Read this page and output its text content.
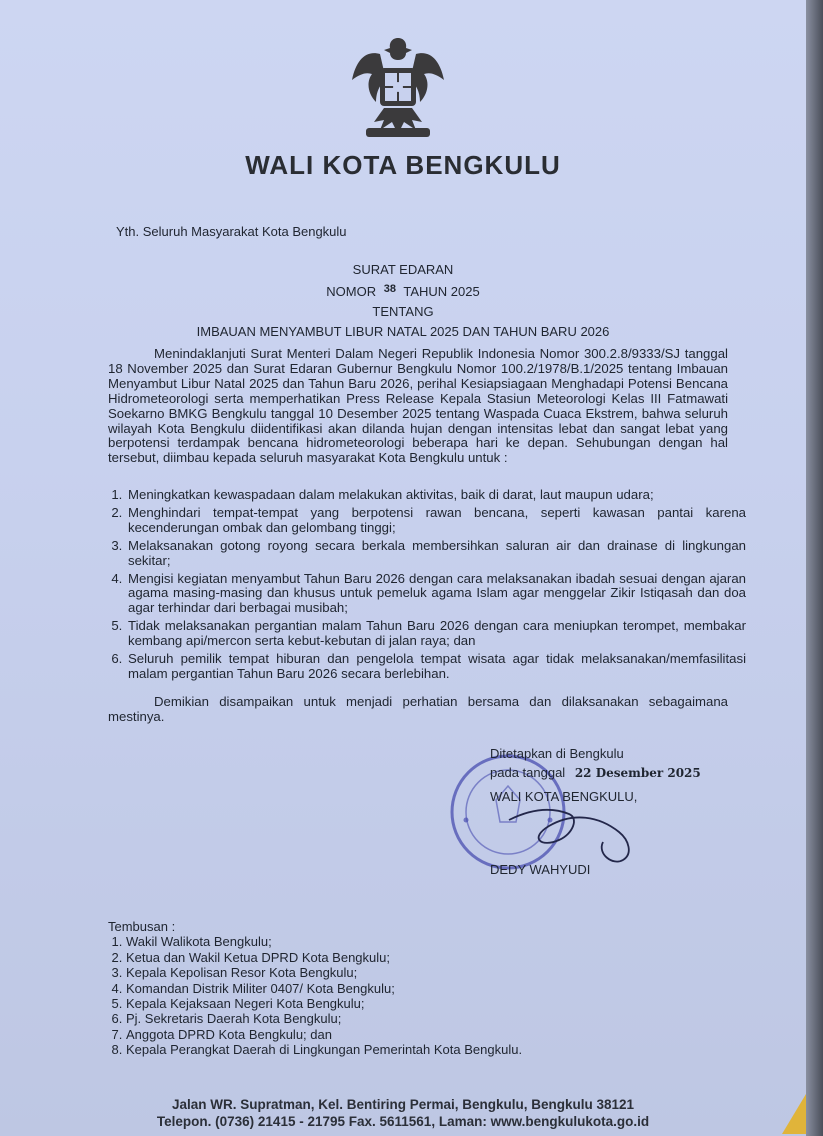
WALI KOTA BENGKULU
Yth. Seluruh Masyarakat Kota Bengkulu
SURAT EDARAN
NOMOR $^{38}$ TAHUN 2025
TENTANG
IMBAUAN MENYAMBUT LIBUR NATAL 2025 DAN TAHUN BARU 2026
Menindaklanjuti Surat Menteri Dalam Negeri Republik Indonesia Nomor 300.2.8/9333/SJ tanggal 18 November 2025 dan Surat Edaran Gubernur Bengkulu Nomor 100.2/1978/B.1/2025 tentang Imbauan Menyambut Libur Natal 2025 dan Tahun Baru 2026, perihal Kesiapsiagaan Menghadapi Potensi Bencana Hidrometeorologi serta memperhatikan Press Release Kepala Stasiun Meteorologi Kelas III Fatmawati Soekarno BMKG Bengkulu tanggal 10 Desember 2025 tentang Waspada Cuaca Ekstrem, bahwa seluruh wilayah Kota Bengkulu diidentifikasi akan dilanda hujan dengan intensitas lebat dan sangat lebat yang berpotensi terdampak bencana hidrometeorologi beberapa hari ke depan. Sehubungan dengan hal tersebut, diimbau kepada seluruh masyarakat Kota Bengkulu untuk :
1. Meningkatkan kewaspadaan dalam melakukan aktivitas, baik di darat, laut maupun udara;
2. Menghindari tempat-tempat yang berpotensi rawan bencana, seperti kawasan pantai karena kecenderungan ombak dan gelombang tinggi;
3. Melaksanakan gotong royong secara berkala membersihkan saluran air dan drainase di lingkungan sekitar;
4. Mengisi kegiatan menyambut Tahun Baru 2026 dengan cara melaksanakan ibadah sesuai dengan ajaran agama masing-masing dan khusus untuk pemeluk agama Islam agar menggelar Zikir Istiqasah dan doa agar terhindar dari berbagai musibah;
5. Tidak melaksanakan pergantian malam Tahun Baru 2026 dengan cara meniupkan terompet, membakar kembang api/mercon serta kebut-kebutan di jalan raya; dan
6. Seluruh pemilik tempat hiburan dan pengelola tempat wisata agar tidak melaksanakan/memfasilitasi malam pergantian Tahun Baru 2026 secara berlebihan.
Demikian disampaikan untuk menjadi perhatian bersama dan dilaksanakan sebagaimana mestinya.
Ditetapkan di Bengkulu
pada tanggal 22 Desember 2025
WALI KOTA BENGKULU,
DEDY WAHYUDI
Tembusan :
1. Wakil Walikota Bengkulu;
2. Ketua dan Wakil Ketua DPRD Kota Bengkulu;
3. Kepala Kepolisan Resor Kota Bengkulu;
4. Komandan Distrik Militer 0407/ Kota Bengkulu;
5. Kepala Kejaksaan Negeri Kota Bengkulu;
6. Pj. Sekretaris Daerah Kota Bengkulu;
7. Anggota DPRD Kota Bengkulu; dan
8. Kepala Perangkat Daerah di Lingkungan Pemerintah Kota Bengkulu.
Jalan WR. Supratman, Kel. Bentiring Permai, Bengkulu, Bengkulu 38121
Telepon. (0736) 21415 - 21795 Fax. 5611561, Laman: www.bengkulukota.go.id
